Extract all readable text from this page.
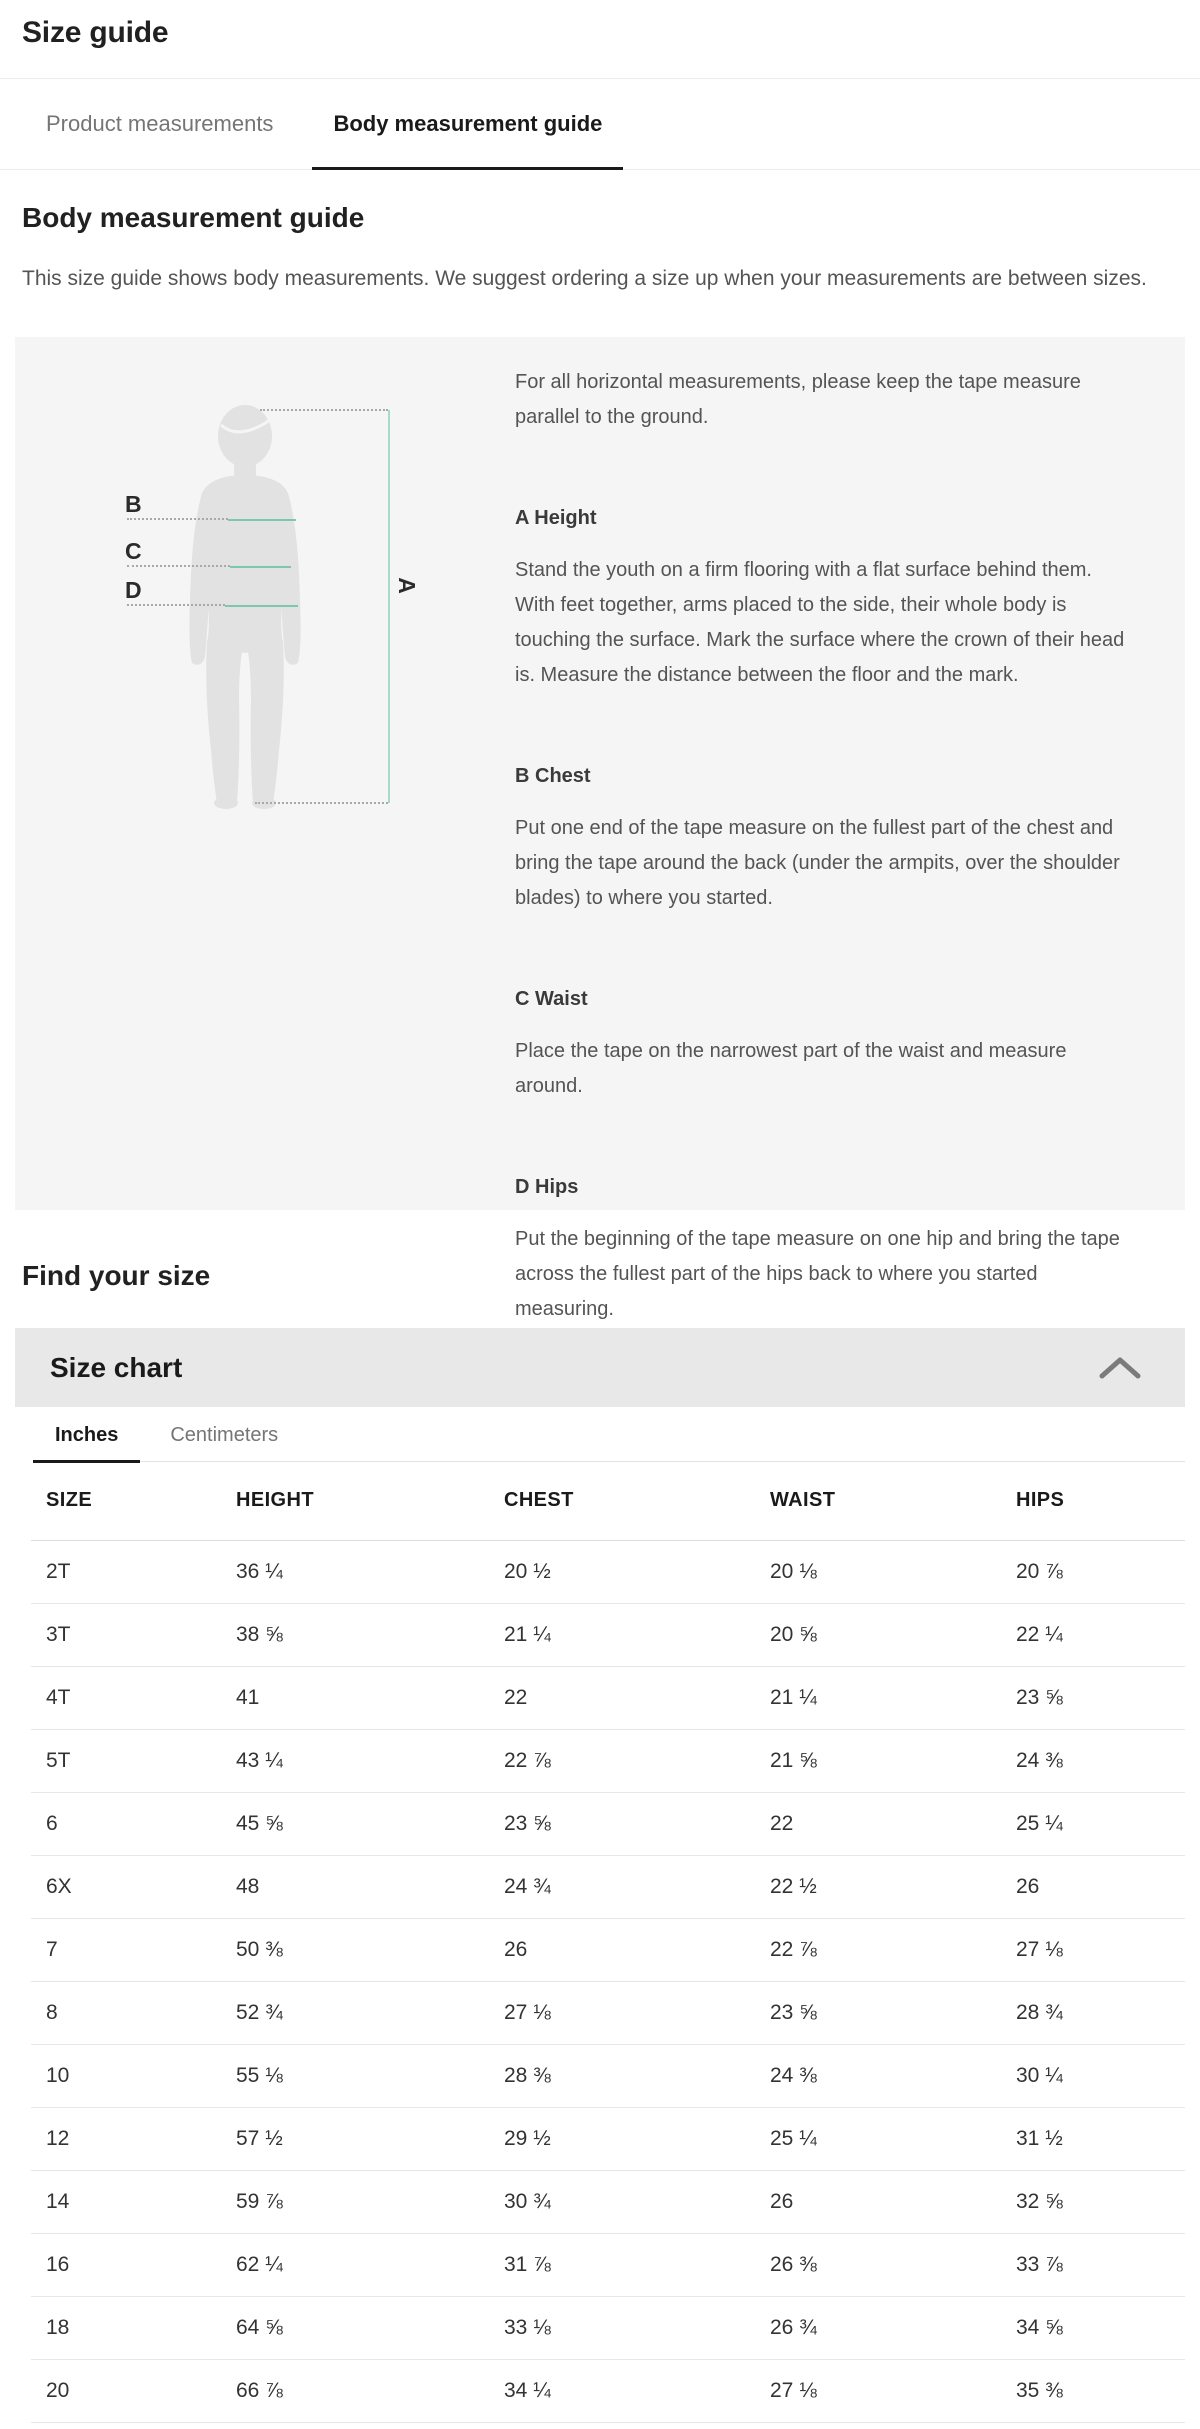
Size guide
Product measurements	Body measurement guide
Body measurement guide
This size guide shows body measurements. We suggest ordering a size up when your measurements are between sizes.
A
B
C
D
For all horizontal measurements, please keep the tape measure parallel to the ground.
A Height
Stand the youth on a firm flooring with a flat surface behind them. With feet together, arms placed to the side, their whole body is touching the surface. Mark the surface where the crown of their head is. Measure the distance between the floor and the mark.
B Chest
Put one end of the tape measure on the fullest part of the chest and bring the tape around the back (under the armpits, over the shoulder blades) to where you started.
C Waist
Place the tape on the narrowest part of the waist and measure around.
D Hips
Put the beginning of the tape measure on one hip and bring the tape across the fullest part of the hips back to where you started measuring.
Find your size
Size chart
Inches	Centimeters
SIZE	HEIGHT	CHEST	WAIST	HIPS
2T	36 ¼	20 ½	20 ⅛	20 ⅞
3T	38 ⅝	21 ¼	20 ⅝	22 ¼
4T	41	22	21 ¼	23 ⅝
5T	43 ¼	22 ⅞	21 ⅝	24 ⅜
6	45 ⅝	23 ⅝	22	25 ¼
6X	48	24 ¾	22 ½	26
7	50 ⅜	26	22 ⅞	27 ⅛
8	52 ¾	27 ⅛	23 ⅝	28 ¾
10	55 ⅛	28 ⅜	24 ⅜	30 ¼
12	57 ½	29 ½	25 ¼	31 ½
14	59 ⅞	30 ¾	26	32 ⅝
16	62 ¼	31 ⅞	26 ⅜	33 ⅞
18	64 ⅝	33 ⅛	26 ¾	34 ⅝
20	66 ⅞	34 ¼	27 ⅛	35 ⅜
